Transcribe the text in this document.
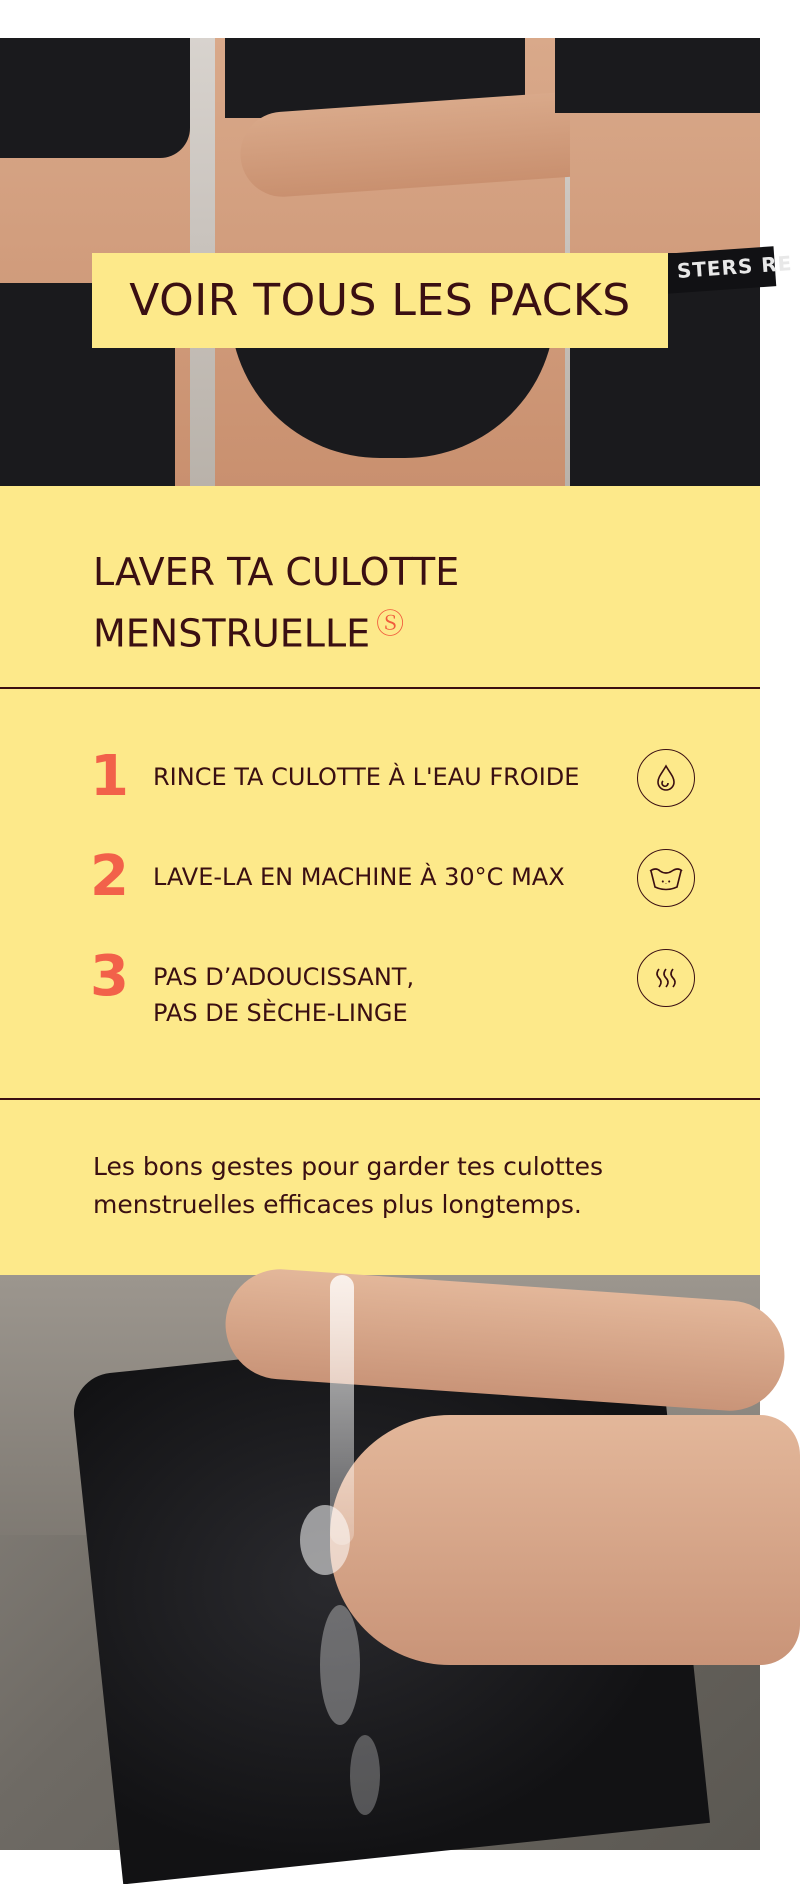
STERS RE
VOIR TOUS LES PACKS
LAVER TA CULOTTE MENSTRUELLE Ⓢ
1 RINCE TA CULOTTE À L'EAU FROIDE
2 LAVE-LA EN MACHINE À 30°C MAX	•.•
3 PAS D’ADOUCISSANT,
PAS DE SÈCHE-LINGE

Les bons gestes pour garder tes culottes menstruelles efficaces plus longtemps.
